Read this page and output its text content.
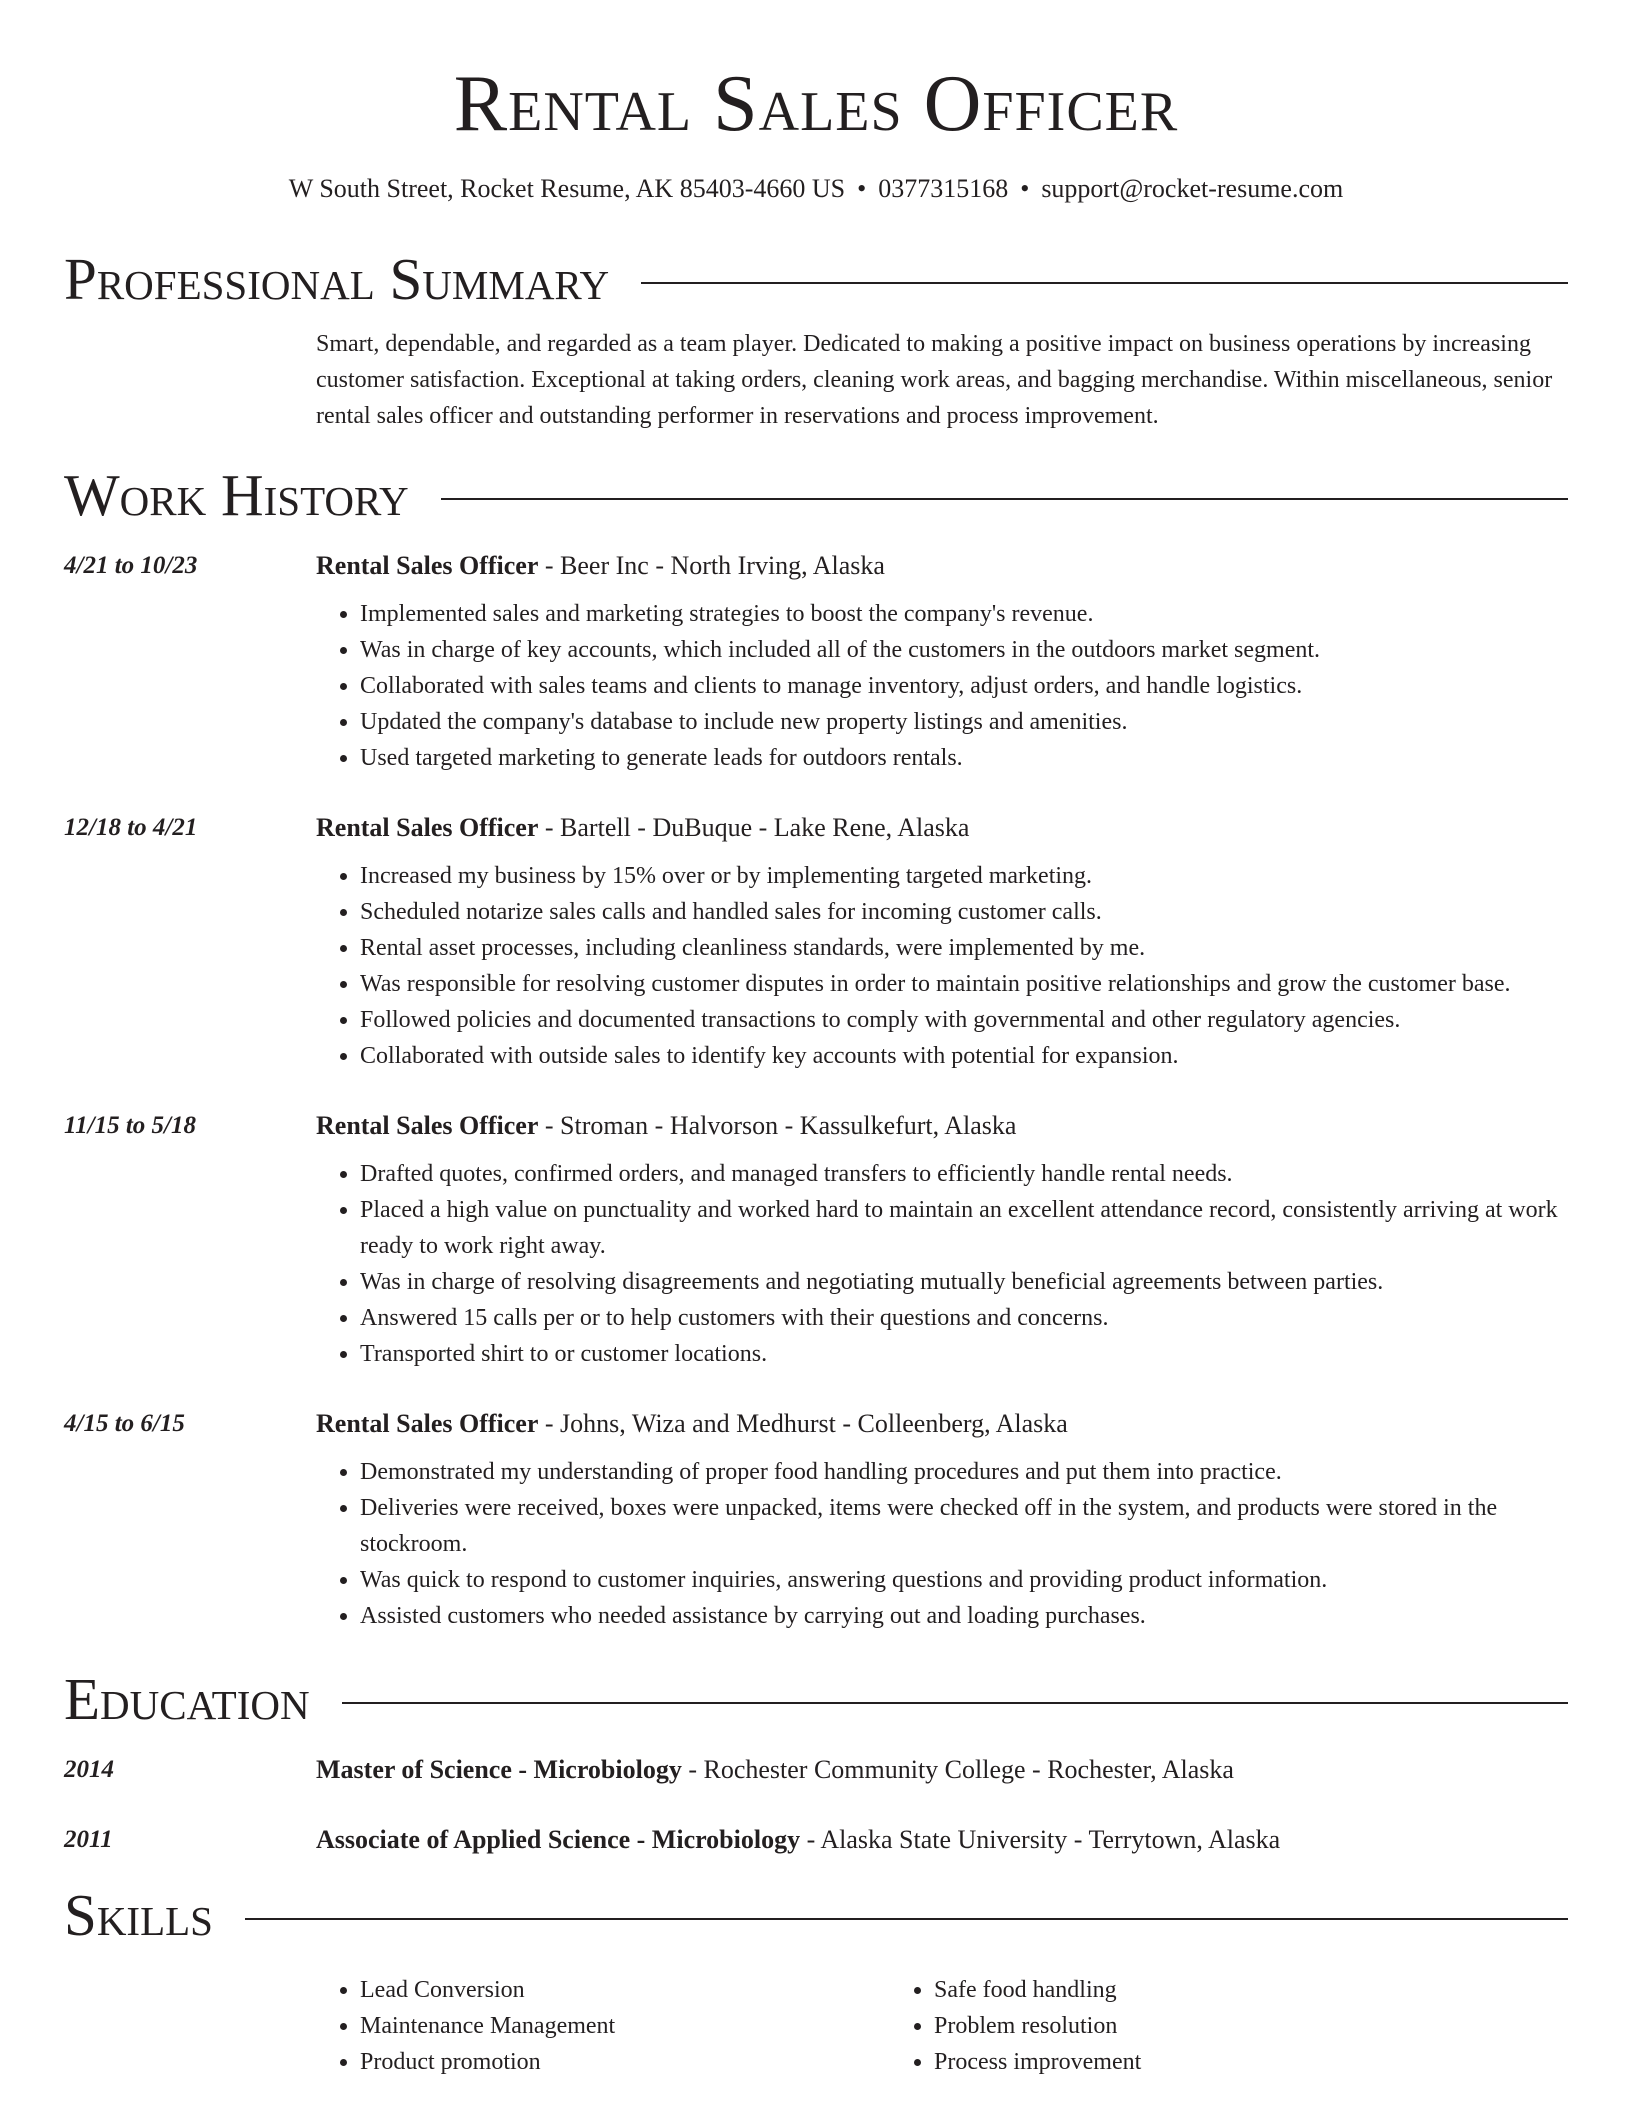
Rental Sales Officer
W South Street, Rocket Resume, AK 85403-4660 US • 0377315168 • support@rocket-resume.com
Professional Summary
Smart, dependable, and regarded as a team player. Dedicated to making a positive impact on business operations by increasing customer satisfaction. Exceptional at taking orders, cleaning work areas, and bagging merchandise. Within miscellaneous, senior rental sales officer and outstanding performer in reservations and process improvement.
Work History
4/21 to 10/23	Rental Sales Officer - Beer Inc - North Irving, Alaska
• Implemented sales and marketing strategies to boost the company's revenue.
• Was in charge of key accounts, which included all of the customers in the outdoors market segment.
• Collaborated with sales teams and clients to manage inventory, adjust orders, and handle logistics.
• Updated the company's database to include new property listings and amenities.
• Used targeted marketing to generate leads for outdoors rentals.
12/18 to 4/21	Rental Sales Officer - Bartell - DuBuque - Lake Rene, Alaska
• Increased my business by 15% over or by implementing targeted marketing.
• Scheduled notarize sales calls and handled sales for incoming customer calls.
• Rental asset processes, including cleanliness standards, were implemented by me.
• Was responsible for resolving customer disputes in order to maintain positive relationships and grow the customer base.
• Followed policies and documented transactions to comply with governmental and other regulatory agencies.
• Collaborated with outside sales to identify key accounts with potential for expansion.
11/15 to 5/18	Rental Sales Officer - Stroman - Halvorson - Kassulkefurt, Alaska
• Drafted quotes, confirmed orders, and managed transfers to efficiently handle rental needs.
• Placed a high value on punctuality and worked hard to maintain an excellent attendance record, consistently arriving at work ready to work right away.
• Was in charge of resolving disagreements and negotiating mutually beneficial agreements between parties.
• Answered 15 calls per or to help customers with their questions and concerns.
• Transported shirt to or customer locations.
4/15 to 6/15	Rental Sales Officer - Johns, Wiza and Medhurst - Colleenberg, Alaska
• Demonstrated my understanding of proper food handling procedures and put them into practice.
• Deliveries were received, boxes were unpacked, items were checked off in the system, and products were stored in the stockroom.
• Was quick to respond to customer inquiries, answering questions and providing product information.
• Assisted customers who needed assistance by carrying out and loading purchases.
Education
2014	Master of Science - Microbiology - Rochester Community College - Rochester, Alaska
2011	Associate of Applied Science - Microbiology - Alaska State University - Terrytown, Alaska
Skills
• Lead Conversion
• Maintenance Management
• Product promotion
• Safe food handling
• Problem resolution
• Process improvement
